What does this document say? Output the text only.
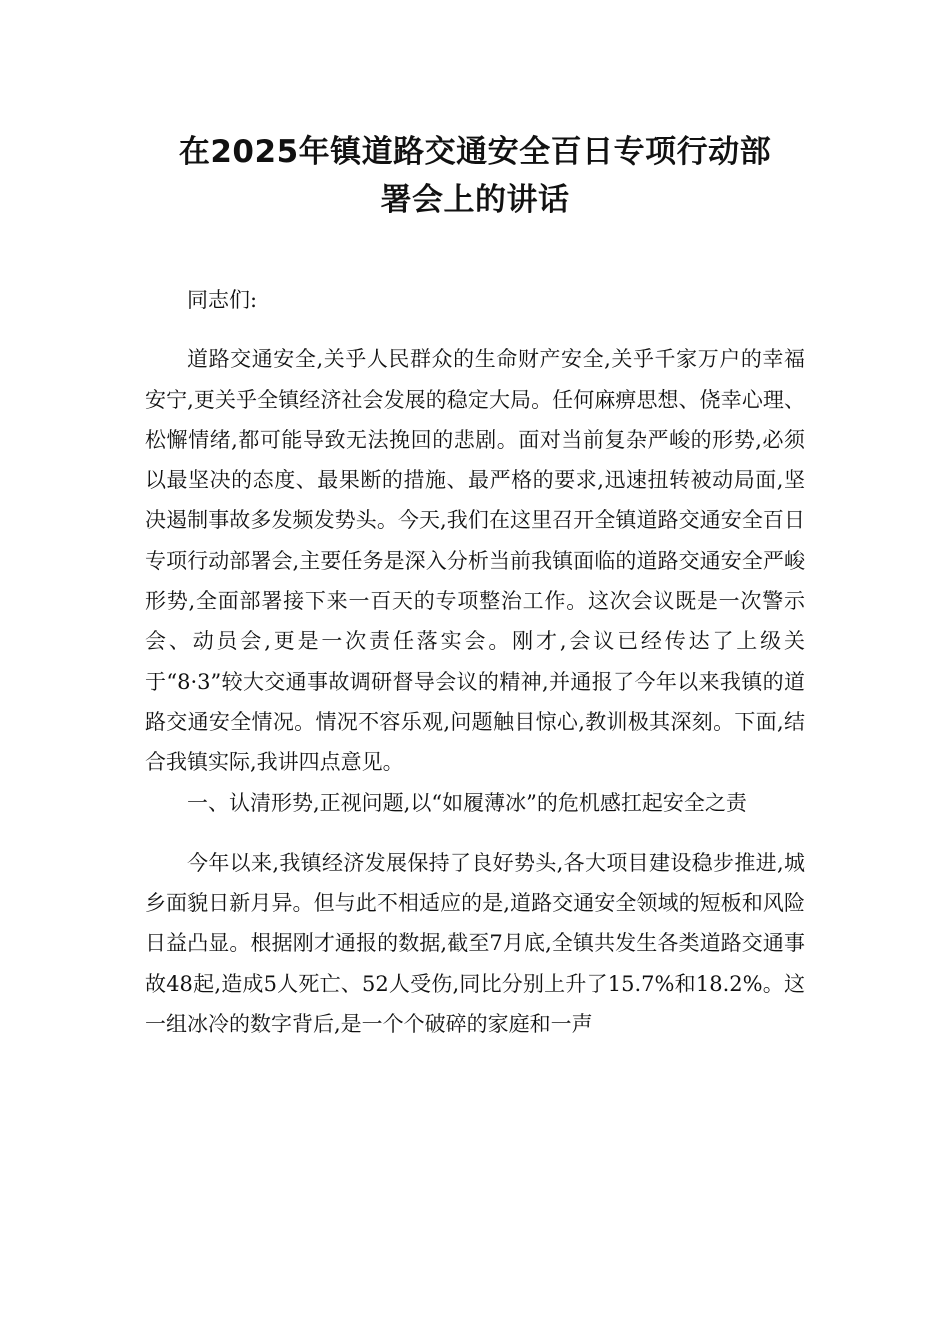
在2025年镇道路交通安全百日专项行动部
署会上的讲话

同志们:

道路交通安全,关乎人民群众的生命财产安全,关乎千家万户的幸福安宁,更关乎全镇经济社会发展的稳定大局。任何麻痹思想、侥幸心理、松懈情绪,都可能导致无法挽回的悲剧。面对当前复杂严峻的形势,必须以最坚决的态度、最果断的措施、最严格的要求,迅速扭转被动局面,坚决遏制事故多发频发势头。今天,我们在这里召开全镇道路交通安全百日专项行动部署会,主要任务是深入分析当前我镇面临的道路交通安全严峻形势,全面部署接下来一百天的专项整治工作。这次会议既是一次警示会、动员会,更是一次责任落实会。刚才,会议已经传达了上级关于“8·3”较大交通事故调研督导会议的精神,并通报了今年以来我镇的道路交通安全情况。情况不容乐观,问题触目惊心,教训极其深刻。下面,结合我镇实际,我讲四点意见。

一、认清形势,正视问题,以“如履薄冰”的危机感扛起安全之责

今年以来,我镇经济发展保持了良好势头,各大项目建设稳步推进,城乡面貌日新月异。但与此不相适应的是,道路交通安全领域的短板和风险日益凸显。根据刚才通报的数据,截至7月底,全镇共发生各类道路交通事故48起,造成5人死亡、52人受伤,同比分别上升了15.7%和18.2%。这一组冰冷的数字背后,是一个个破碎的家庭和一声
